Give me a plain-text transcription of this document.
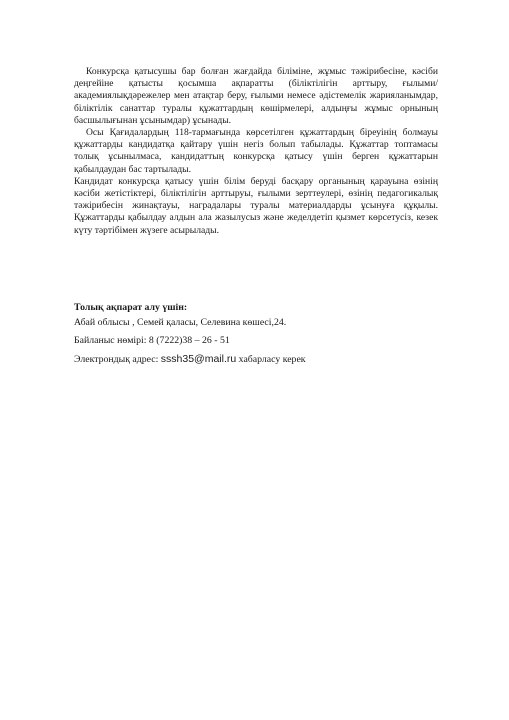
Конкурсқа қатысушы бар болған жағдайда біліміне, жұмыс тәжірибесіне, кәсіби деңгейіне қатысты қосымша ақпаратты (біліктілігін арттыру, ғылыми/академиялықдәрежелер мен атақтар беру, ғылыми немесе әдістемелік жарияланымдар, біліктілік санаттар туралы құжаттардың көшірмелері, алдыңғы жұмыс орнының басшылығынан ұсынымдар) ұсынады.

Осы Қағидалардың 118-тармағында көрсетілген құжаттардың біреуінің болмауы құжаттарды кандидатқа қайтару үшін негіз болып табылады. Құжаттар топтамасы толық ұсынылмаса, кандидаттың конкурсқа қатысу үшін берген құжаттарын қабылдаудан бас тартылады.

Кандидат конкурсқа қатысу үшін білім беруді басқару органының қарауына өзінің кәсіби жетістіктері, біліктілігін арттыруы, ғылыми зерттеулері, өзінің педагогикалық тәжірибесін жинақтауы, наградалары туралы материалдарды ұсынуға құқылы. Құжаттарды қабылдау алдын ала жазылусыз және жеделдетіп қызмет көрсетусіз, кезек күту тәртібімен жүзеге асырылады.

Толық ақпарат алу үшін:

Абай облысы , Семей қаласы, Селевина көшесі,24.

Байланыс нөмірі: 8 (7222)38 – 26 - 51

Электрондық адрес: sssh35@mail.ru хабарласу керек
